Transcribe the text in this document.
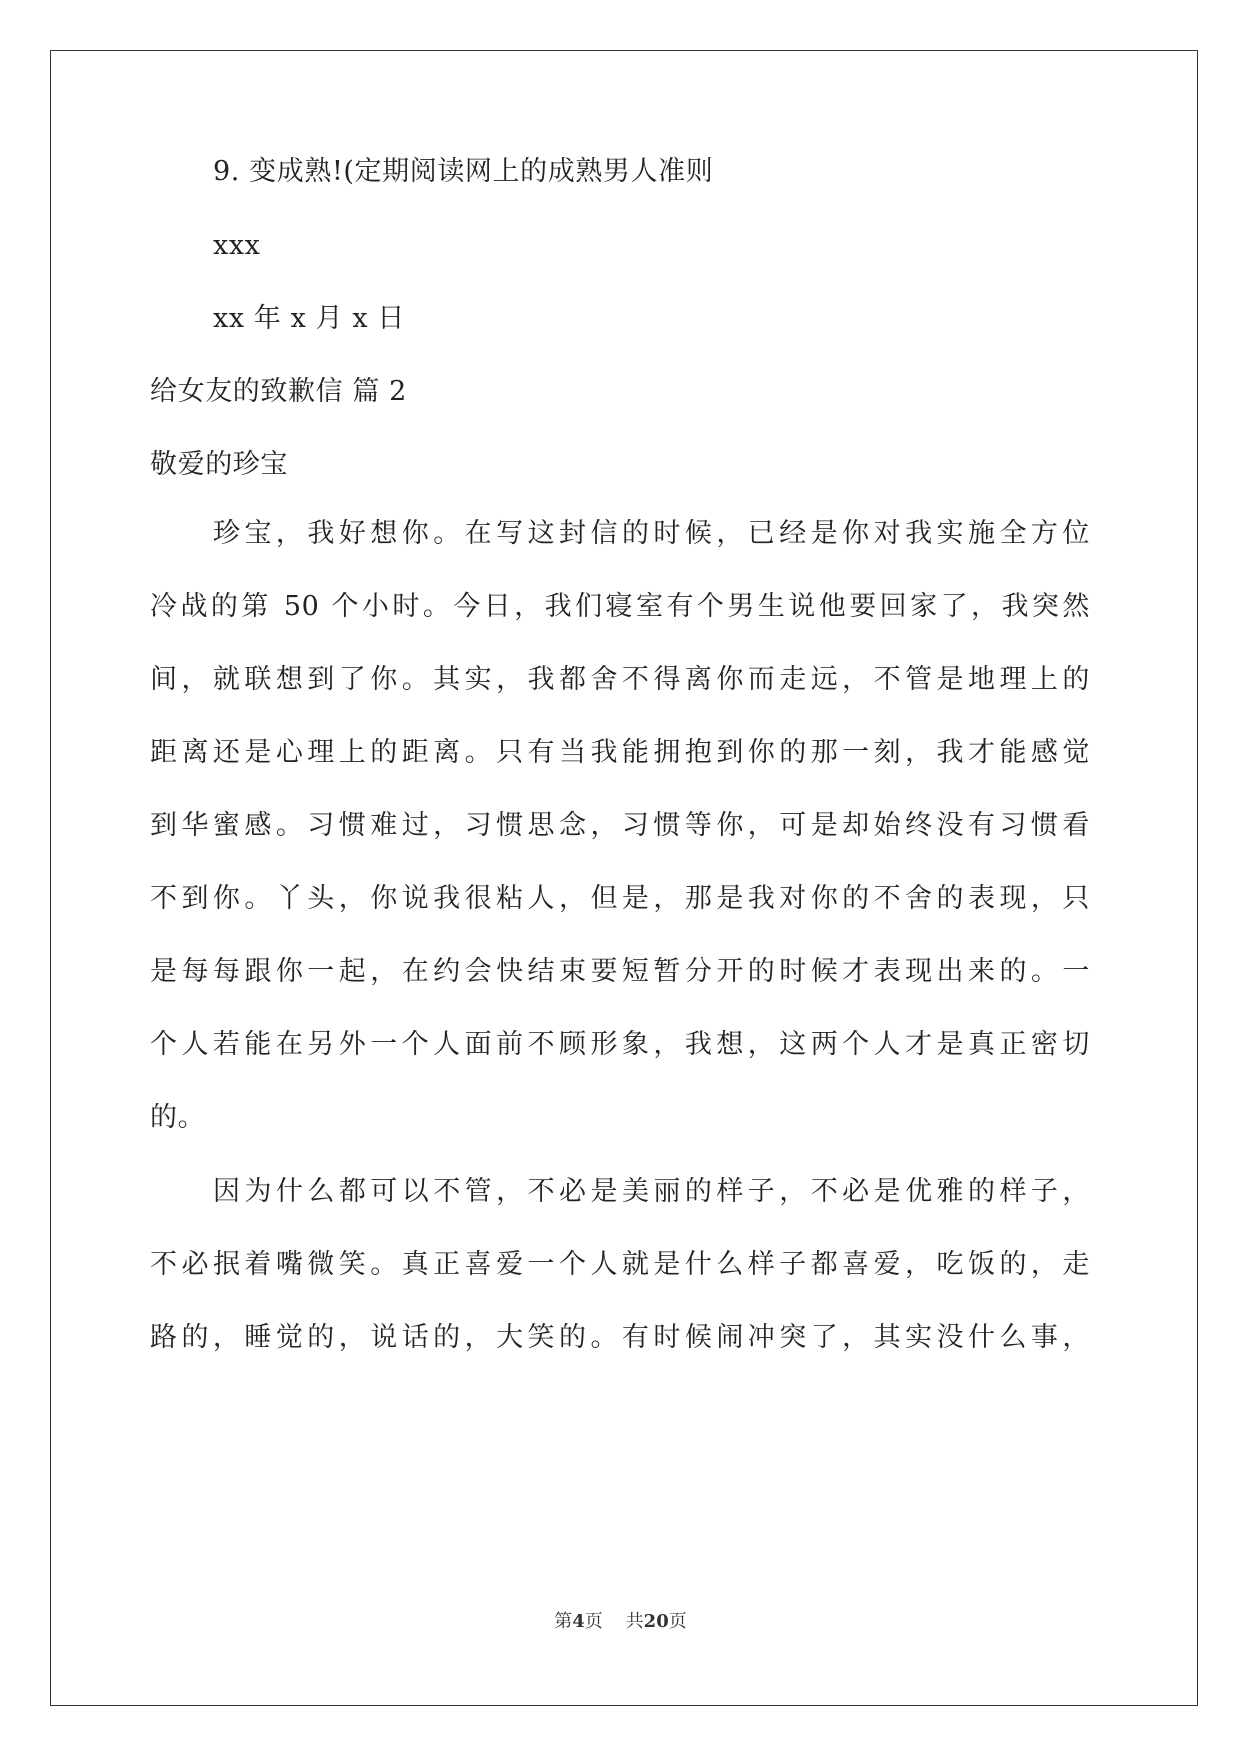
9. 变成熟!(定期阅读网上的成熟男人准则
xxx
xx 年 x 月 x 日
给女友的致歉信 篇 2
敬爱的珍宝
珍宝，我好想你。在写这封信的时候，已经是你对我实施全方位
冷战的第 50 个小时。今日，我们寝室有个男生说他要回家了，我突然
间，就联想到了你。其实，我都舍不得离你而走远，不管是地理上的
距离还是心理上的距离。只有当我能拥抱到你的那一刻，我才能感觉
到华蜜感。习惯难过，习惯思念，习惯等你，可是却始终没有习惯看
不到你。丫头，你说我很粘人，但是，那是我对你的不舍的表现，只
是每每跟你一起，在约会快结束要短暂分开的时候才表现出来的。一
个人若能在另外一个人面前不顾形象，我想，这两个人才是真正密切
的。
因为什么都可以不管，不必是美丽的样子，不必是优雅的样子，
不必抿着嘴微笑。真正喜爱一个人就是什么样子都喜爱，吃饭的，走
路的，睡觉的，说话的，大笑的。有时候闹冲突了，其实没什么事，
第4页 共20页
